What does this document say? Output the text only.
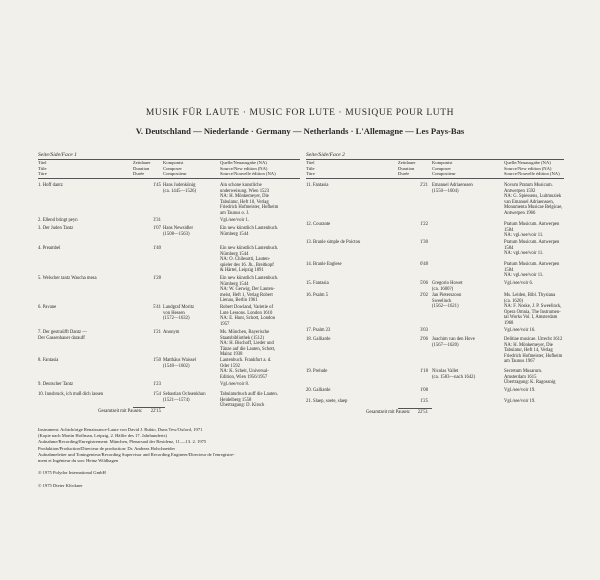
MUSIK FÜR LAUTE · MUSIC FOR LUTE · MUSIQUE POUR LUTH
V. Deutschland — Niederlande · Germany — Netherlands · L'Allemagne — Les Pays-Bas
Seite/Side/Face 1
Titel
Title
Titre
Zeitdauer
Duration
Durée
Komponist
Composer
Compositeur
Quelle/Neuausgabe (NA)
Source/New edition (NA)
Source/Nouvelle édition (NA)
1. Hoff dantz	1'45 Hans Judenkünig
(ca. 1445—1526)
Ain schone kunstliche
underweisung. Wien 1523
NA: H. Mönkemeyer, Die
Tabulatur, Heft 10, Verlag
Friedrich Hofmeister, Hofheim
am Taunus o. J.
2. Ellend bringt peyn	3'31	Vgl./see/voir 1.
3. Der Juden Tantz	1'07 Hans Newsidler
(1508—1563)
Ein new künstlich Lautenbuch.
Nürnberg 1544
4. Preambel	1'40	Ein new künstlich Lautenbuch.
Nürnberg 1544
NA: O. Chilesotti, Lauten-
spieler des 16. Jh., Breitkopf
& Härtel, Leipzig 1891
5. Welscher tantz Wascha mesa	1'28	Ein new künstlich Lautenbuch.
Nürnberg 1544
NA: W. Gerwig, Der Lauten-
meist, Heft 1, Verlag Robert
Lienau, Berlin 1961
6. Pavane	5'41 Landgraf Moritz
von Hessen
(1572—1632)
Robert Dowland, Varietie of
Lute Lessons. London 1610
NA: E. Hunt, Schott, London
1957
7. Der gestraüfft Dantz —
Der Gassenhauer darauff
1'21 Anonym	Ms. München, Bayerische
Staatsbibliothek (1512)
NA: H. Bischoff, Lieder und
Tänze auf die Lauten, Schott,
Mainz 1938
8. Fantasia	1'50 Matthäus Waissel
(1540—1602)
Lautenbuch. Frankfurt a. d.
Oder 1592
NA: K. Scheit, Universal-
Edition, Wien 1956/1957
9. Deutscher Tantz	1'23	Vgl./see/voir 8.
10. Innsbruck, ich muß dich lassen	1'54 Sebastian Ochsenkhun
(1521—1574)
Tabulaturbuch auff die Lauten.
Heidelberg 1558
Übertragung: D. Kirsch
Gesamtzeit mit Pausen:	22'15
Seite/Side/Face 2
Titel
Title
Titre
Zeitdauer
Duration
Durée
Komponist
Composer
Compositeur
Quelle/Neuausgabe (NA)
Source/New edition (NA)
Source/Nouvelle édition (NA)
11. Fantasia	2'21 Emanuel Adriaenssen
(1550—1604)
Novum Pratum Musicum.
Antwerpen 1592
NA: G. Spiessens, Luitmuziek
van Emanuel Adriaenssen,
Monumenta Musicae Belgicae,
Antwerpen 1966
12. Courante	1'22	Pratum Musicum. Antwerpen
1584
NA: vgl./see/voir 11.
13. Branle simple de Poictou	1'30	Pratum Musicum. Antwerpen
1584
NA: vgl./see/voir 11.
14. Branle Englese	0'48	Pratum Musicum. Antwerpen
1584
NA: vgl./see/voir 11.
15. Fantasia	5'06 Gregorio Howet
(ca. 1600?)
Vgl./see/voir 6.
16. Psalm 5	2'02 Jan Pieterszoon
Sweelinck
(1562—1621)
Ms. Leiden, Bibl. Thysiana
(ca. 1620)
NA: F. Noske, J. P. Sweelinck,
Opera Omnia, The Instrumen-
tal Works Vol. I, Amsterdam
1968
17. Psalm 23	3'03	Vgl./see/voir 16.
18. Galliarde	2'06 Joachim van den Hove
(1567—1620)
Delitiae musicae. Utrecht 1612
NA: H. Mönkemeyer, Die
Tabulatur, Heft 14, Verlag
Friedrich Hofmeister, Hofheim
am Taunus 1967
19. Prelude	1'18 Nicolas Vallet
(ca. 1583—nach 1642)
Secretum Musarum.
Amsterdam 1615
Übertragung: K. Ragossnig
20. Galliarde	1'08	Vgl./see/voir 19.
21. Slaep, soete, slaep	1'25	Vgl./see/voir 19.
Gesamtzeit mit Pausen:	22'51

Instrument: Achtchörige Renaissance-Laute von David J. Rubio, Duns Tew/Oxford, 1971
(Kopie nach Martin Hoffman, Leipzig, 2. Hälfte des 17. Jahrhunderts)

Aufnahme/Recording/Enregistrement: München, Plenarsaal der Residenz, 11.—13. 2. 1975

Produktion/Production/Directeur de production: Dr. Andreas Holschneider

Aufnahmeleiter und Toningenieur/Recording Supervisor and Recording Engineer/Directeur de l'enregistre-
ment et Ingénieur du son: Heinz Wildhagen

℗ 1975 Polydor International GmbH

© 1975 Dieter Klöckner
